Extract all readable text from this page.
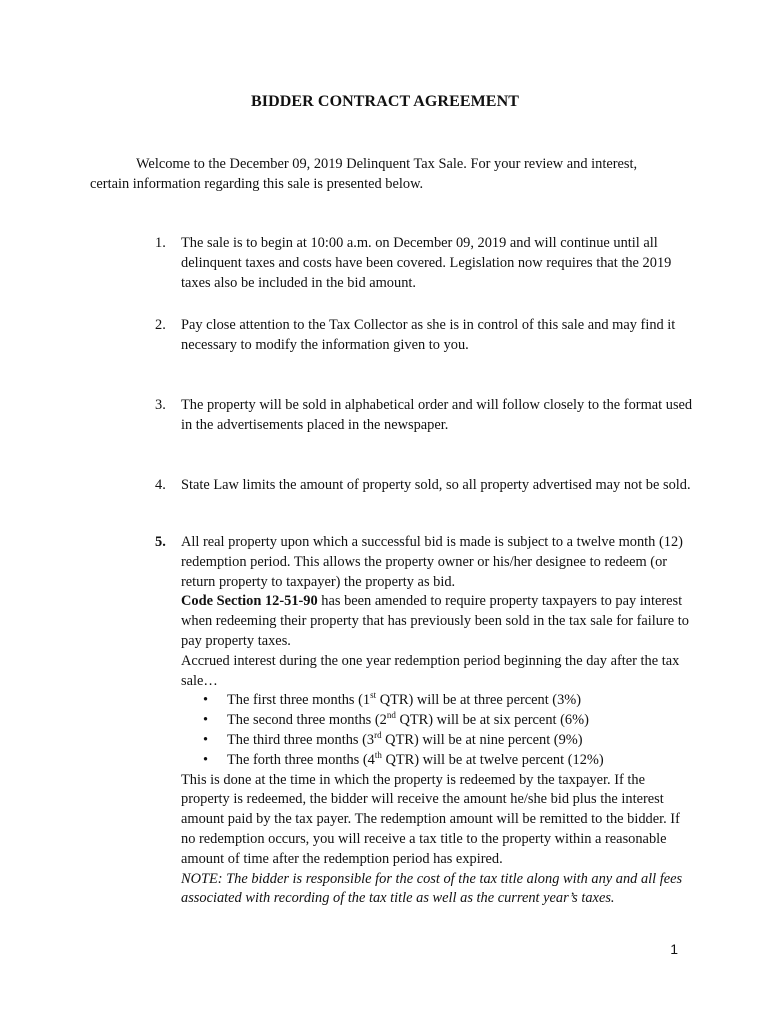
BIDDER CONTRACT AGREEMENT
Welcome to the December 09, 2019 Delinquent Tax Sale. For your review and interest,
certain information regarding this sale is presented below.
1.	The sale is to begin at 10:00 a.m. on December 09, 2019 and will continue until all delinquent taxes and costs have been covered. Legislation now requires that the 2019 taxes also be included in the bid amount.
2.	Pay close attention to the Tax Collector as she is in control of this sale and may find it necessary to modify the information given to you.
3.	The property will be sold in alphabetical order and will follow closely to the format used in the advertisements placed in the newspaper.
4.	State Law limits the amount of property sold, so all property advertised may not be sold.
5.	All real property upon which a successful bid is made is subject to a twelve month (12) redemption period. This allows the property owner or his/her designee to redeem (or return property to taxpayer) the property as bid.
Code Section 12-51-90 has been amended to require property taxpayers to pay interest when redeeming their property that has previously been sold in the tax sale for failure to pay property taxes.
Accrued interest during the one year redemption period beginning the day after the tax sale…
• The first three months (1st QTR) will be at three percent (3%)
• The second three months (2nd QTR) will be at six percent (6%)
• The third three months (3rd QTR) will be at nine percent (9%)
• The forth three months (4th QTR) will be at twelve percent (12%)
This is done at the time in which the property is redeemed by the taxpayer. If the property is redeemed, the bidder will receive the amount he/she bid plus the interest amount paid by the tax payer. The redemption amount will be remitted to the bidder. If no redemption occurs, you will receive a tax title to the property within a reasonable amount of time after the redemption period has expired.
NOTE: The bidder is responsible for the cost of the tax title along with any and all fees associated with recording of the tax title as well as the current year’s taxes.
1
